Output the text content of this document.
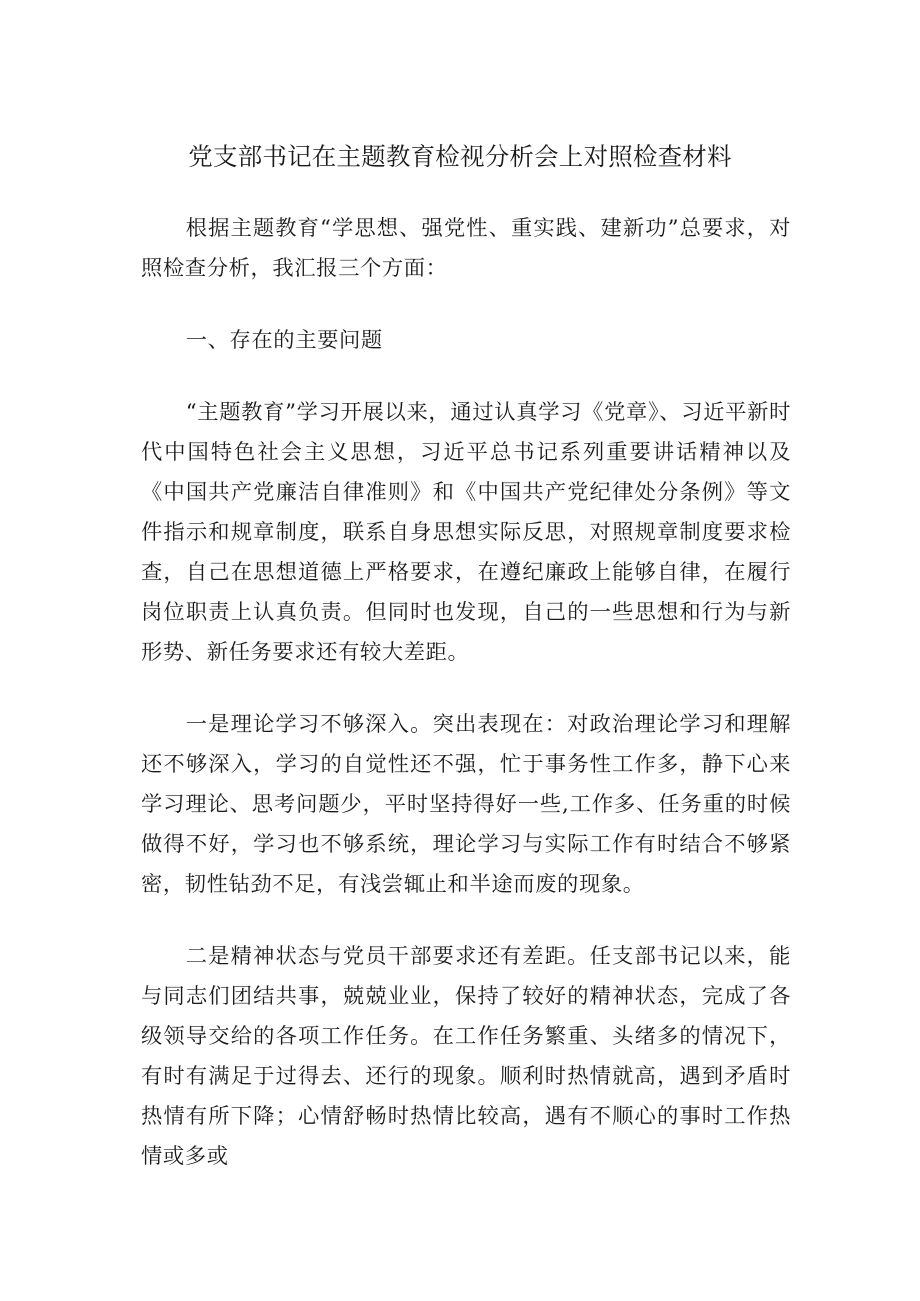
党支部书记在主题教育检视分析会上对照检查材料

根据主题教育“学思想、强党性、重实践、建新功”总要求，对照检查分析，我汇报三个方面：

一、存在的主要问题

“主题教育”学习开展以来，通过认真学习《党章》、习近平新时代中国特色社会主义思想，习近平总书记系列重要讲话精神以及《中国共产党廉洁自律准则》和《中国共产党纪律处分条例》等文件指示和规章制度，联系自身思想实际反思，对照规章制度要求检查，自己在思想道德上严格要求，在遵纪廉政上能够自律，在履行岗位职责上认真负责。但同时也发现，自己的一些思想和行为与新形势、新任务要求还有较大差距。

一是理论学习不够深入。突出表现在：对政治理论学习和理解还不够深入，学习的自觉性还不强，忙于事务性工作多，静下心来学习理论、思考问题少，平时坚持得好一些,工作多、任务重的时候做得不好，学习也不够系统，理论学习与实际工作有时结合不够紧密，韧性钻劲不足，有浅尝辄止和半途而废的现象。

二是精神状态与党员干部要求还有差距。任支部书记以来，能与同志们团结共事，兢兢业业，保持了较好的精神状态，完成了各级领导交给的各项工作任务。在工作任务繁重、头绪多的情况下，有时有满足于过得去、还行的现象。顺利时热情就高，遇到矛盾时热情有所下降；心情舒畅时热情比较高，遇有不顺心的事时工作热情或多或
